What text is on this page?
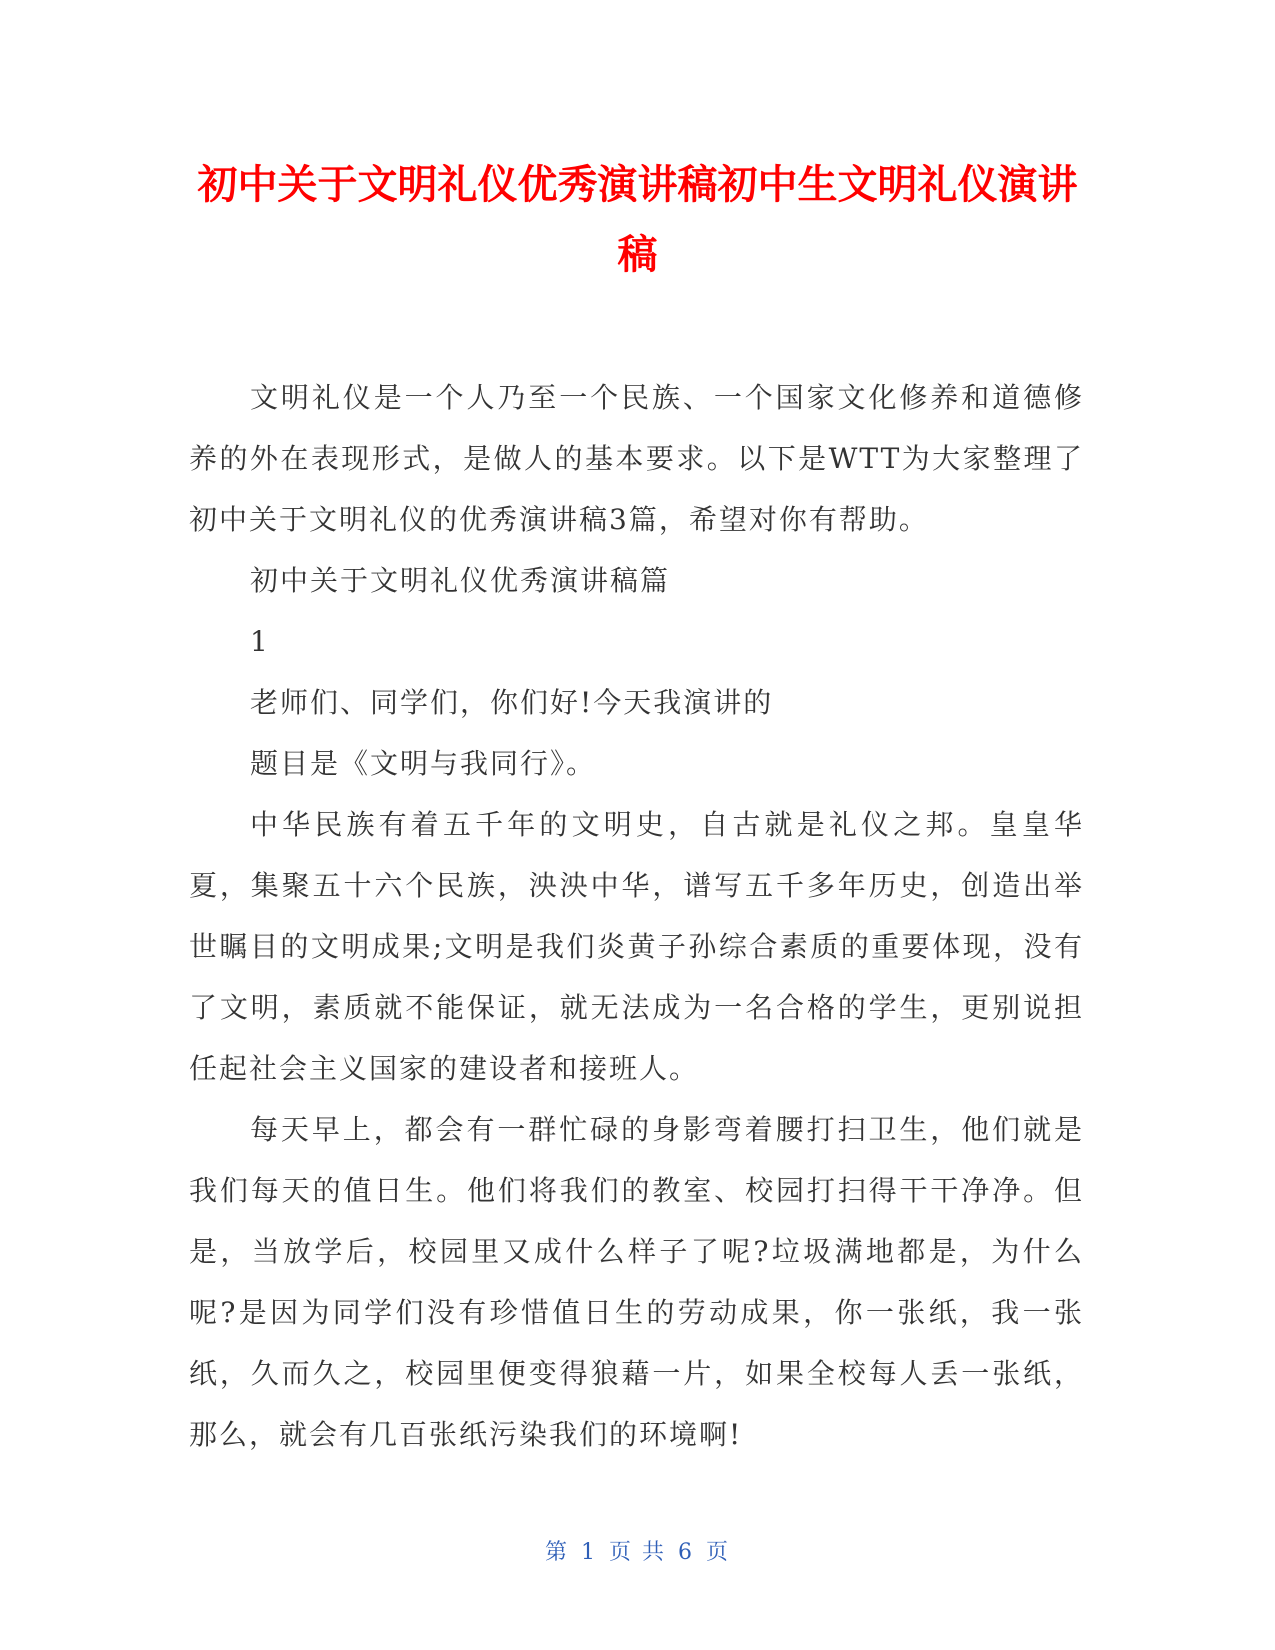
初中关于文明礼仪优秀演讲稿初中生文明礼仪演讲稿

文明礼仪是一个人乃至一个民族、一个国家文化修养和道德修养的外在表现形式，是做人的基本要求。以下是WTT为大家整理了初中关于文明礼仪的优秀演讲稿3篇，希望对你有帮助。

初中关于文明礼仪优秀演讲稿篇

1

老师们、同学们，你们好!今天我演讲的

题目是《文明与我同行》。

中华民族有着五千年的文明史，自古就是礼仪之邦。皇皇华夏，集聚五十六个民族，泱泱中华，谱写五千多年历史，创造出举世瞩目的文明成果;文明是我们炎黄子孙综合素质的重要体现，没有了文明，素质就不能保证，就无法成为一名合格的学生，更别说担任起社会主义国家的建设者和接班人。

每天早上，都会有一群忙碌的身影弯着腰打扫卫生，他们就是我们每天的值日生。他们将我们的教室、校园打扫得干干净净。但是，当放学后，校园里又成什么样子了呢?垃圾满地都是，为什么呢?是因为同学们没有珍惜值日生的劳动成果，你一张纸，我一张纸，久而久之，校园里便变得狼藉一片，如果全校每人丢一张纸，那么，就会有几百张纸污染我们的环境啊!

第 1 页 共 6 页
